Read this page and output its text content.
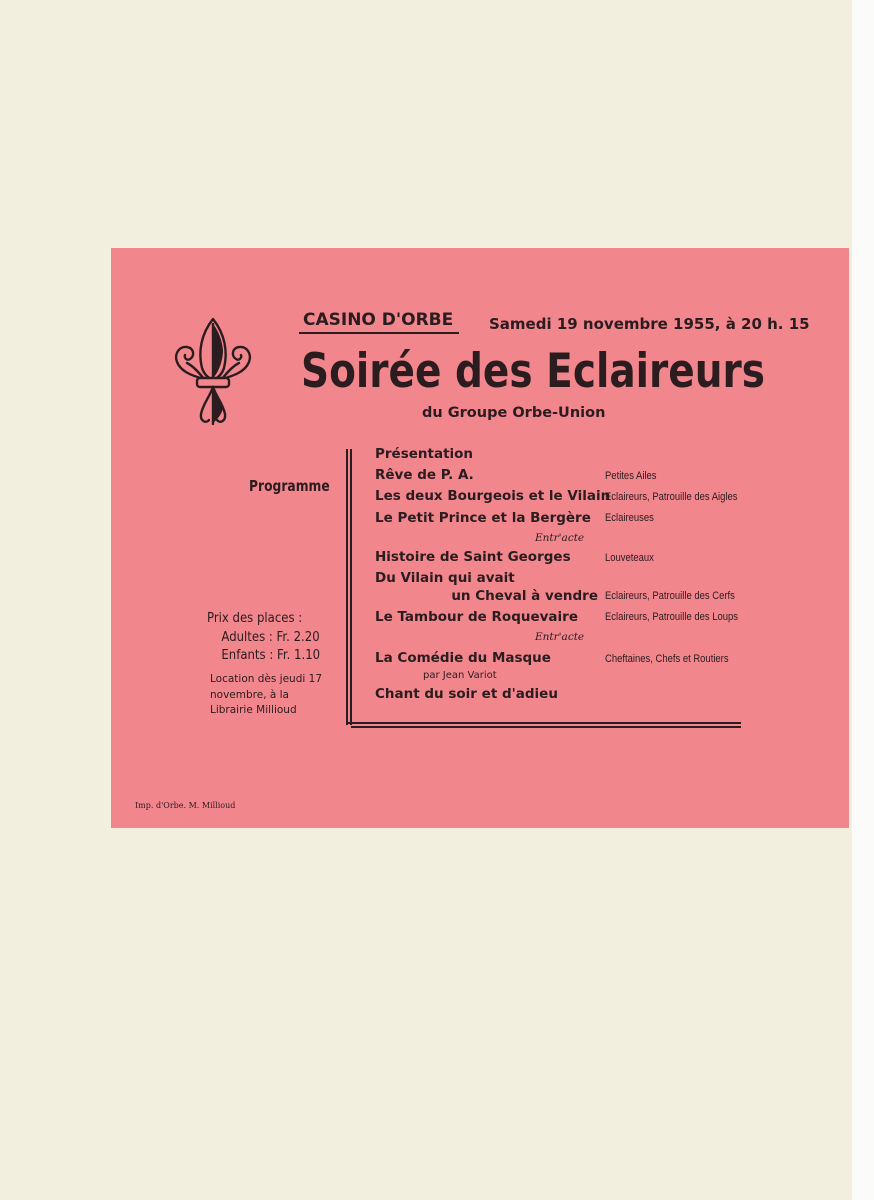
CASINO D'ORBE Samedi 19 novembre 1955, à 20 h. 15
Soirée des Eclaireurs
du Groupe Orbe-Union
Programme
Présentation
Rêve de P. A.	Petites Ailes
Les deux Bourgeois et le Vilain
Eclaireurs, Patrouille des Aigles
Le Petit Prince et la Bergère Eclaireuses
Entr'acte
Histoire de Saint Georges	Louveteaux
Du Vilain qui avait
un Cheval à vendre Eclaireurs, Patrouille des Cerfs
Le Tambour de Roquevaire Eclaireurs, Patrouille des Loups
Entr'acte
La Comédie du Masque
par Jean Variot
Cheftaines, Chefs et Routiers
Chant du soir et d'adieu
Prix des places :
Adultes : Fr. 2.20
Enfants : Fr. 1.10
Location dès jeudi 17 novembre, à la Librairie Millioud
Imp. d'Orbe. M. Millioud
